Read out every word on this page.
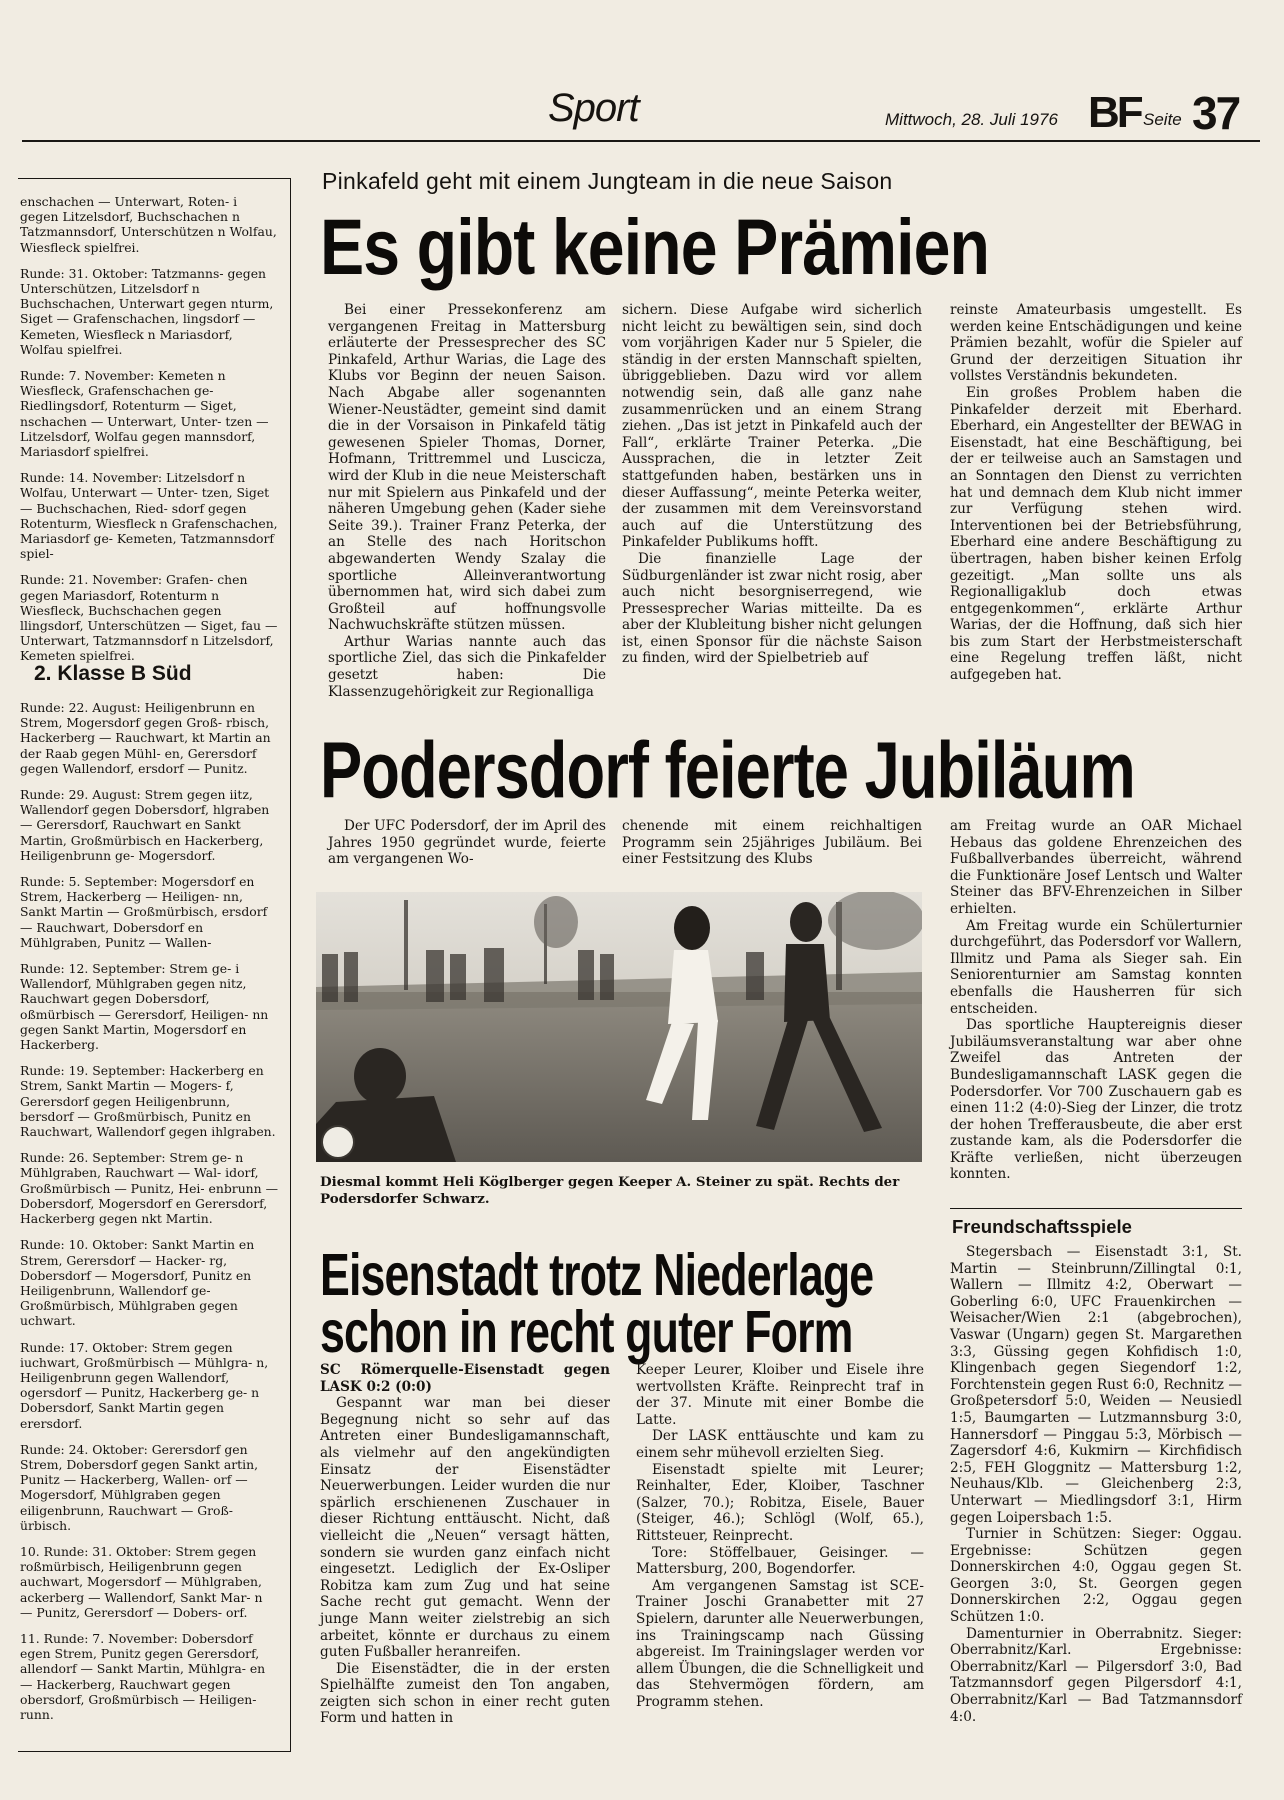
Sport	Mittwoch, 28. Juli 1976 BF Seite 37

enschachen — Unterwart, Roten- i gegen Litzelsdorf, Buchschachen n Tatzmannsdorf, Unterschützen n Wolfau, Wiesfleck spielfrei.

Runde: 31. Oktober: Tatzmanns- gegen Unterschützen, Litzelsdorf n Buchschachen, Unterwart gegen nturm, Siget — Grafenschachen, lingsdorf — Kemeten, Wiesfleck n Mariasdorf, Wolfau spielfrei.

Runde: 7. November: Kemeten n Wiesfleck, Grafenschachen ge- Riedlingsdorf, Rotenturm — Siget, nschachen — Unterwart, Unter- tzen — Litzelsdorf, Wolfau gegen mannsdorf, Mariasdorf spielfrei.

Runde: 14. November: Litzelsdorf n Wolfau, Unterwart — Unter- tzen, Siget — Buchschachen, Ried- sdorf gegen Rotenturm, Wiesfleck n Grafenschachen, Mariasdorf ge- Kemeten, Tatzmannsdorf spiel-

Runde: 21. November: Grafen- chen gegen Mariasdorf, Rotenturm n Wiesfleck, Buchschachen gegen llingsdorf, Unterschützen — Siget, fau — Unterwart, Tatzmannsdorf n Litzelsdorf, Kemeten spielfrei.

2. Klasse B Süd

Runde: 22. August: Heiligenbrunn en Strem, Mogersdorf gegen Groß- rbisch, Hackerberg — Rauchwart, kt Martin an der Raab gegen Mühl- en, Gerersdorf gegen Wallendorf, ersdorf — Punitz.

Runde: 29. August: Strem gegen iitz, Wallendorf gegen Dobersdorf, hlgraben — Gerersdorf, Rauchwart en Sankt Martin, Großmürbisch en Hackerberg, Heiligenbrunn ge- Mogersdorf.

Runde: 5. September: Mogersdorf en Strem, Hackerberg — Heiligen- nn, Sankt Martin — Großmürbisch, ersdorf — Rauchwart, Dobersdorf en Mühlgraben, Punitz — Wallen-

Runde: 12. September: Strem ge- i Wallendorf, Mühlgraben gegen nitz, Rauchwart gegen Dobersdorf, oßmürbisch — Gerersdorf, Heiligen- nn gegen Sankt Martin, Mogersdorf en Hackerberg.

Runde: 19. September: Hackerberg en Strem, Sankt Martin — Mogers- f, Gerersdorf gegen Heiligenbrunn, bersdorf — Großmürbisch, Punitz en Rauchwart, Wallendorf gegen ihlgraben.

Runde: 26. September: Strem ge- n Mühlgraben, Rauchwart — Wal- idorf, Großmürbisch — Punitz, Hei- enbrunn — Dobersdorf, Mogersdorf en Gerersdorf, Hackerberg gegen nkt Martin.

Runde: 10. Oktober: Sankt Martin en Strem, Gerersdorf — Hacker- rg, Dobersdorf — Mogersdorf, Punitz en Heiligenbrunn, Wallendorf ge- Großmürbisch, Mühlgraben gegen uchwart.

Runde: 17. Oktober: Strem gegen iuchwart, Großmürbisch — Mühlgra- n, Heiligenbrunn gegen Wallendorf, ogersdorf — Punitz, Hackerberg ge- n Dobersdorf, Sankt Martin gegen erersdorf.

Runde: 24. Oktober: Gerersdorf gen Strem, Dobersdorf gegen Sankt artin, Punitz — Hackerberg, Wallen- orf — Mogersdorf, Mühlgraben gegen eiligenbrunn, Rauchwart — Groß- ürbisch.

10. Runde: 31. Oktober: Strem gegen roßmürbisch, Heiligenbrunn gegen auchwart, Mogersdorf — Mühlgraben, ackerberg — Wallendorf, Sankt Mar- n — Punitz, Gerersdorf — Dobers- orf.

11. Runde: 7. November: Dobersdorf egen Strem, Punitz gegen Gerersdorf, allendorf — Sankt Martin, Mühlgra- en — Hackerberg, Rauchwart gegen obersdorf, Großmürbisch — Heiligen- runn.

Pinkafeld geht mit einem Jungteam in die neue Saison
Es gibt keine Prämien

Bei einer Pressekonferenz am vergangenen Freitag in Mattersburg erläuterte der Pressesprecher des SC Pinkafeld, Arthur Warias, die Lage des Klubs vor Beginn der neuen Saison. Nach Abgabe aller sogenannten Wiener-Neustädter, gemeint sind damit die in der Vorsaison in Pinkafeld tätig gewesenen Spieler Thomas, Dorner, Hofmann, Trittremmel und Luscicza, wird der Klub in die neue Meisterschaft nur mit Spielern aus Pinkafeld und der näheren Umgebung gehen (Kader siehe Seite 39.). Trainer Franz Peterka, der an Stelle des nach Horitschon abgewanderten Wendy Szalay die sportliche Alleinverantwortung übernommen hat, wird sich dabei zum Großteil auf hoffnungsvolle Nachwuchskräfte stützen müssen.

Arthur Warias nannte auch das sportliche Ziel, das sich die Pinkafelder gesetzt haben: Die Klassenzugehörigkeit zur Regionalliga

sichern. Diese Aufgabe wird sicherlich nicht leicht zu bewältigen sein, sind doch vom vorjährigen Kader nur 5 Spieler, die ständig in der ersten Mannschaft spielten, übriggeblieben. Dazu wird vor allem notwendig sein, daß alle ganz nahe zusammenrücken und an einem Strang ziehen. „Das ist jetzt in Pinkafeld auch der Fall“, erklärte Trainer Peterka. „Die Aussprachen, die in letzter Zeit stattgefunden haben, bestärken uns in dieser Auffassung“, meinte Peterka weiter, der zusammen mit dem Vereinsvorstand auch auf die Unterstützung des Pinkafelder Publikums hofft.

Die finanzielle Lage der Südburgenländer ist zwar nicht rosig, aber auch nicht besorgniserregend, wie Pressesprecher Warias mitteilte. Da es aber der Klubleitung bisher nicht gelungen ist, einen Sponsor für die nächste Saison zu finden, wird der Spielbetrieb auf

reinste Amateurbasis umgestellt. Es werden keine Entschädigungen und keine Prämien bezahlt, wofür die Spieler auf Grund der derzeitigen Situation ihr vollstes Verständnis bekundeten.

Ein großes Problem haben die Pinkafelder derzeit mit Eberhard. Eberhard, ein Angestellter der BEWAG in Eisenstadt, hat eine Beschäftigung, bei der er teilweise auch an Samstagen und an Sonntagen den Dienst zu verrichten hat und demnach dem Klub nicht immer zur Verfügung stehen wird. Interventionen bei der Betriebsführung, Eberhard eine andere Beschäftigung zu übertragen, haben bisher keinen Erfolg gezeitigt. „Man sollte uns als Regionalligaklub doch etwas entgegenkommen“, erklärte Arthur Warias, der die Hoffnung, daß sich hier bis zum Start der Herbstmeisterschaft eine Regelung treffen läßt, nicht aufgegeben hat.

Podersdorf feierte Jubiläum

Der UFC Podersdorf, der im April des Jahres 1950 gegründet wurde, feierte am vergangenen Wo-

chenende mit einem reichhaltigen Programm sein 25jähriges Jubiläum. Bei einer Festsitzung des Klubs

am Freitag wurde an OAR Michael Hebaus das goldene Ehrenzeichen des Fußballverbandes überreicht, während die Funktionäre Josef Lentsch und Walter Steiner das BFV-Ehrenzeichen in Silber erhielten.

Am Freitag wurde ein Schülerturnier durchgeführt, das Podersdorf vor Wallern, Illmitz und Pama als Sieger sah. Ein Seniorenturnier am Samstag konnten ebenfalls die Hausherren für sich entscheiden.

Das sportliche Hauptereignis dieser Jubiläumsveranstaltung war aber ohne Zweifel das Antreten der Bundesligamannschaft LASK gegen die Podersdorfer. Vor 700 Zuschauern gab es einen 11:2 (4:0)-Sieg der Linzer, die trotz der hohen Trefferausbeute, die aber erst zustande kam, als die Podersdorfer die Kräfte verließen, nicht überzeugen konnten.

Diesmal kommt Heli Köglberger gegen Keeper A. Steiner zu spät. Rechts der Podersdorfer Schwarz.
Eisenstadt trotz Niederlage
schon in recht guter Form

SC Römerquelle-Eisenstadt gegen LASK 0:2 (0:0)

Gespannt war man bei dieser Begegnung nicht so sehr auf das Antreten einer Bundesligamannschaft, als vielmehr auf den angekündigten Einsatz der Eisenstädter Neuerwerbungen. Leider wurden die nur spärlich erschienenen Zuschauer in dieser Richtung enttäuscht. Nicht, daß vielleicht die „Neuen“ versagt hätten, sondern sie wurden ganz einfach nicht eingesetzt. Lediglich der Ex-Osliper Robitza kam zum Zug und hat seine Sache recht gut gemacht. Wenn der junge Mann weiter zielstrebig an sich arbeitet, könnte er durchaus zu einem guten Fußballer heranreifen.

Die Eisenstädter, die in der ersten Spielhälfte zumeist den Ton angaben, zeigten sich schon in einer recht guten Form und hatten in

Keeper Leurer, Kloiber und Eisele ihre wertvollsten Kräfte. Reinprecht traf in der 37. Minute mit einer Bombe die Latte.

Der LASK enttäuschte und kam zu einem sehr mühevoll erzielten Sieg.

Eisenstadt spielte mit Leurer; Reinhalter, Eder, Kloiber, Taschner (Salzer, 70.); Robitza, Eisele, Bauer (Steiger, 46.); Schlögl (Wolf, 65.), Rittsteuer, Reinprecht.

Tore: Stöffelbauer, Geisinger. — Mattersburg, 200, Bogendorfer.

Am vergangenen Samstag ist SCE-Trainer Joschi Granabetter mit 27 Spielern, darunter alle Neuerwerbungen, ins Trainingscamp nach Güssing abgereist. Im Trainingslager werden vor allem Übungen, die die Schnelligkeit und das Stehvermögen fördern, am Programm stehen.

Freundschaftsspiele

Stegersbach — Eisenstadt 3:1, St. Martin — Steinbrunn/Zillingtal 0:1, Wallern — Illmitz 4:2, Oberwart — Goberling 6:0, UFC Frauenkirchen — Weisacher/Wien 2:1 (abgebrochen), Vaswar (Ungarn) gegen St. Margarethen 3:3, Güssing gegen Kohfidisch 1:0, Klingenbach gegen Siegendorf 1:2, Forchtenstein gegen Rust 6:0, Rechnitz — Großpetersdorf 5:0, Weiden — Neusiedl 1:5, Baumgarten — Lutzmannsburg 3:0, Hannersdorf — Pinggau 5:3, Mörbisch — Zagersdorf 4:6, Kukmirn — Kirchfidisch 2:5, FEH Gloggnitz — Mattersburg 1:2, Neuhaus/Klb. — Gleichenberg 2:3, Unterwart — Miedlingsdorf 3:1, Hirm gegen Loipersbach 1:5.

Turnier in Schützen: Sieger: Oggau. Ergebnisse: Schützen gegen Donnerskirchen 4:0, Oggau gegen St. Georgen 3:0, St. Georgen gegen Donnerskirchen 2:2, Oggau gegen Schützen 1:0.

Damenturnier in Oberrabnitz. Sieger: Oberrabnitz/Karl. Ergebnisse: Oberrabnitz/Karl — Pilgersdorf 3:0, Bad Tatzmannsdorf gegen Pilgersdorf 4:1, Oberrabnitz/Karl — Bad Tatzmannsdorf 4:0.
